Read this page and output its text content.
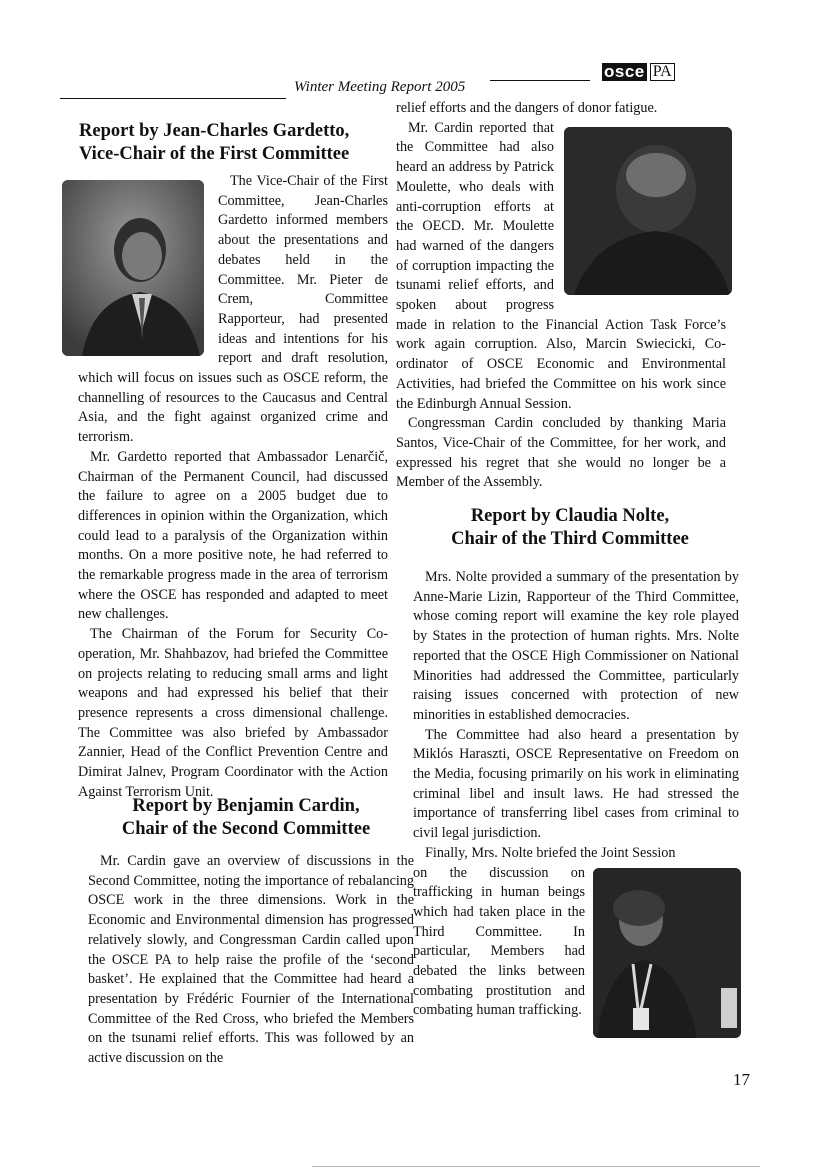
Winter Meeting Report 2005
osce PA
Report by Jean-Charles Gardetto,
Vice-Chair of the First Committee

The Vice-Chair of the First Committee, Jean-Charles Gardetto informed members about the presentations and debates held in the Committee. Mr. Pieter de Crem, Committee Rapporteur, had presented ideas and intentions for his report and draft resolution, which will focus on issues such as OSCE reform, the channelling of resources to the Caucasus and Central Asia, and the fight against organized crime and terrorism.

Mr. Gardetto reported that Ambassador Lenarčič, Chairman of the Permanent Council, had discussed the failure to agree on a 2005 budget due to differences in opinion within the Organization, which could lead to a paralysis of the Organization within months. On a more positive note, he had referred to the remarkable progress made in the area of terrorism where the OSCE has responded and adapted to meet new challenges.

The Chairman of the Forum for Security Co-operation, Mr. Shahbazov, had briefed the Committee on projects relating to reducing small arms and light weapons and had expressed his belief that their presence represents a cross dimensional challenge. The Committee was also briefed by Ambassador Zannier, Head of the Conflict Prevention Centre and Dimirat Jalnev, Program Coordinator with the Action Against Terrorism Unit.

Report by Benjamin Cardin,
Chair of the Second Committee

Mr. Cardin gave an overview of discussions in the Second Committee, noting the importance of rebalancing OSCE work in the three dimensions. Work in the Economic and Environmental dimension has progressed relatively slowly, and Congressman Cardin called upon the OSCE PA to help raise the profile of the ‘second basket’. He explained that the Committee had heard a presentation by Frédéric Fournier of the International Committee of the Red Cross, who briefed the Members on the tsunami relief efforts. This was followed by an active discussion on the

relief efforts and the dangers of donor fatigue.

Mr. Cardin reported that the Committee had also heard an address by Patrick Moulette, who deals with anti-corruption efforts at the OECD. Mr. Moulette had warned of the dangers of corruption impacting the tsunami relief efforts, and spoken about progress made in relation to the Financial Action Task Force’s work again corruption. Also, Marcin Swiecicki, Co-ordinator of OSCE Economic and Environmental Activities, had briefed the Committee on his work since the Edinburgh Annual Session.

Congressman Cardin concluded by thanking Maria Santos, Vice-Chair of the Committee, for her work, and expressed his regret that she would no longer be a Member of the Assembly.

Report by Claudia Nolte,
Chair of the Third Committee

Mrs. Nolte provided a summary of the presentation by Anne-Marie Lizin, Rapporteur of the Third Committee, whose coming report will examine the key role played by States in the protection of human rights. Mrs. Nolte reported that the OSCE High Commissioner on National Minorities had addressed the Committee, particularly raising issues concerned with protection of new minorities in established democracies.

The Committee had also heard a presentation by Miklós Haraszti, OSCE Representative on Freedom on the Media, focusing primarily on his work in eliminating criminal libel and insult laws. He had stressed the importance of transferring libel cases from criminal to civil legal jurisdiction.

Finally, Mrs. Nolte briefed the Joint Session

on the discussion on trafficking in human beings which had taken place in the Third Committee. In particular, Members had debated the links between combating prostitution and combating human trafficking.

17
